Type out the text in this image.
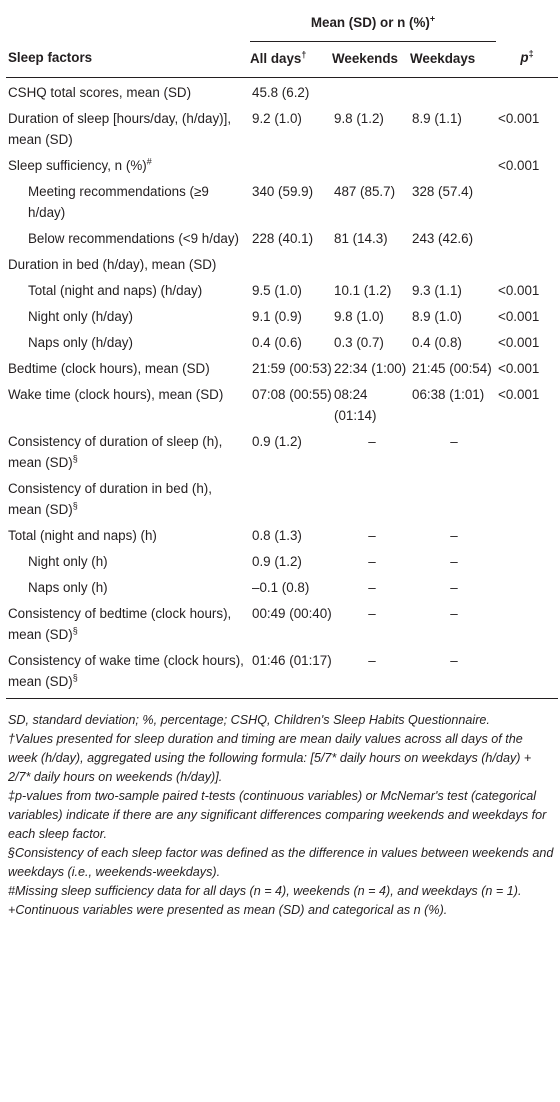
	Mean (SD) or n (%)+	

Sleep factors	All days†	Weekends	Weekdays	p‡
CSHQ total scores, mean (SD)	45.8 (6.2)			
Duration of sleep [hours/day, (h/day)], mean (SD)	9.2 (1.0)	9.8 (1.2)	8.9 (1.1)	<0.001
Sleep sufficiency, n (%)#				<0.001
Meeting recommendations (≥9 h/day)	340 (59.9)	487 (85.7)	328 (57.4)	
Below recommendations (<9 h/day)	228 (40.1)	81 (14.3)	243 (42.6)	
Duration in bed (h/day), mean (SD)				
Total (night and naps) (h/day)	9.5 (1.0)	10.1 (1.2)	9.3 (1.1)	<0.001
Night only (h/day)	9.1 (0.9)	9.8 (1.0)	8.9 (1.0)	<0.001
Naps only (h/day)	0.4 (0.6)	0.3 (0.7)	0.4 (0.8)	<0.001
Bedtime (clock hours), mean (SD)	21:59 (00:53)	22:34 (1:00)	21:45 (00:54)	<0.001
Wake time (clock hours), mean (SD)	07:08 (00:55)	08:24 (01:14)	06:38 (1:01)	<0.001
Consistency of duration of sleep (h), mean (SD)§	0.9 (1.2)	–	–	
Consistency of duration in bed (h), mean (SD)§				
Total (night and naps) (h)	0.8 (1.3)	–	–	
Night only (h)	0.9 (1.2)	–	–	
Naps only (h)	–0.1 (0.8)	–	–	
Consistency of bedtime (clock hours), mean (SD)§	00:49 (00:40)	–	–	
Consistency of wake time (clock hours), mean (SD)§	01:46 (01:17)	–	–	

SD, standard deviation; %, percentage; CSHQ, Children's Sleep Habits Questionnaire.

†Values presented for sleep duration and timing are mean daily values across all days of the week (h/day), aggregated using the following formula: [5/7* daily hours on weekdays (h/day) + 2/7* daily hours on weekends (h/day)].

‡p-values from two-sample paired t-tests (continuous variables) or McNemar's test (categorical variables) indicate if there are any significant differences comparing weekends and weekdays for each sleep factor.

§Consistency of each sleep factor was defined as the difference in values between weekends and weekdays (i.e., weekends-weekdays).

#Missing sleep sufficiency data for all days (n = 4), weekends (n = 4), and weekdays (n = 1).

+Continuous variables were presented as mean (SD) and categorical as n (%).
